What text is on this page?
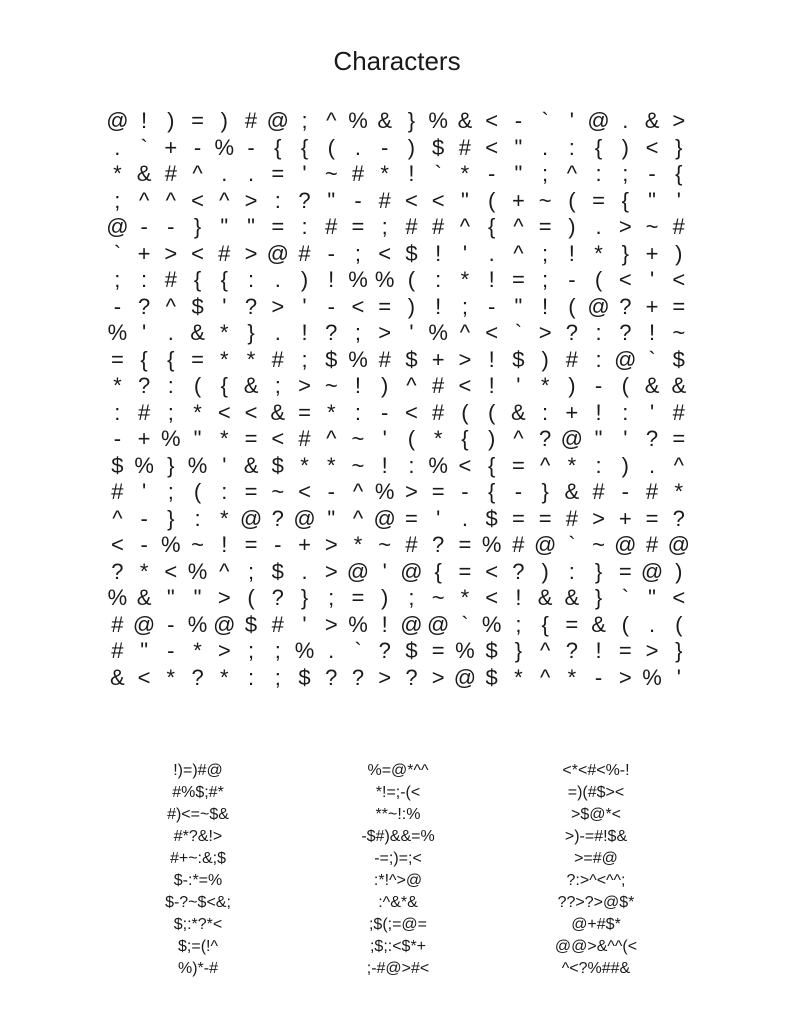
Characters
@ ! ) = ) # @ ; ^ % & } % & < - ` ' @ . & >
. ` + - % - { { ( . - ) $ # < " . : { ) < }
* & # ^ . . = ' ~ # * ! ` * - " ; ^ : ; - {
; ^ ^ < ^ > : ? " - # < < " ( + ~ ( = { " '
@ - - } " " = : # = ; # # ^ { ^ = ) . > ~ #
` + > < # > @ # - ; < $ ! ' . ^ ; ! * } + )
; : # { { : . ) ! % % ( : * ! = ; - ( < ' <
- ? ^ $ ' ? > ' - < = ) ! ; - " ! ( @ ? + =
% ' . & * } . ! ? ; > ' % ^ < ` > ? : ? ! ~
= { { = * * # ; $ % # $ + > ! $ ) # : @ ` $
* ? : ( { & ; > ~ ! ) ^ # < ! ' * ) - ( & &
: # ; * < < & = * : - < # ( ( & : + ! : ' #
- + % " * = < # ^ ~ ' ( * { ) ^ ? @ " ' ? =
$ % } % ' & $ * * ~ ! : % < { = ^ * : ) . ^
# ' ; ( : = ~ < - ^ % > = - { - } & # - # *
^ - } : * @ ? @ " ^ @ = ' . $ = = # > + = ?
< - % ~ ! = - + > * ~ # ? = % # @ ` ~ @ # @
? * < % ^ ; $ . > @ ' @ { = < ? ) : } = @ )
% & " " > ( ? } ; = ) ; ~ * < ! & & } ` " <
# @ - % @ $ # ' > % ! @ @ ` % ; { = & ( . (
# " - * > ; ; % . ` ? $ = % $ } ^ ? ! = > }
& < * ? * : ; $ ? ? > ? > @ $ * ^ * - > % '
!)=)#@
#%$;#*
#)<=~$&
#*?&!>
#+~:&;$
$-:*=%
$-?~$<&;
$;:*?*<
$;=(!^
%)*-#
%=@*^^
*!=;-(<
**~!:%
-$#)&&=%
-=;)=;<
:*!^>@
:^&*&
;$(;=@=
;$;:<$*+
;-#@>#<
<*<#<%-!
=)(#$><
>$@*<
>)-=#!$&
>=#@
?:>^<^^;
??>?>@$*
@+#$*
@@>&^^(<
^<?%##&
